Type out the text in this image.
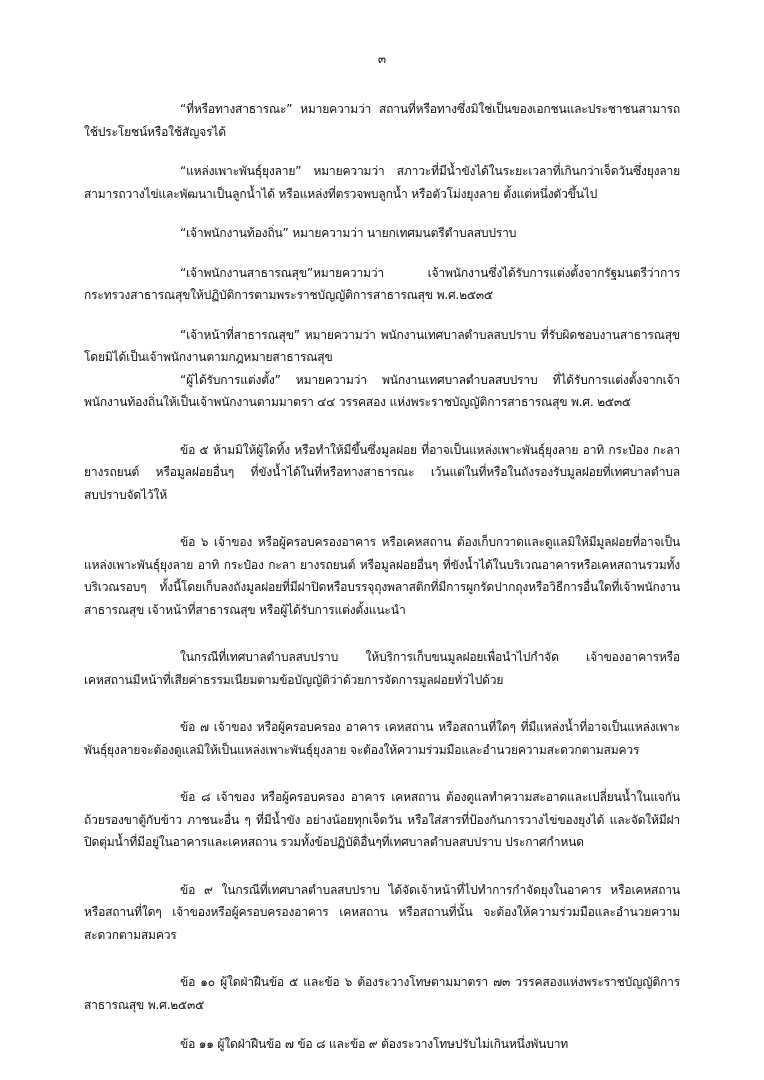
๓

“ที่หรือทางสาธารณะ” หมายความว่า สถานที่หรือทางซึ่งมิใช่เป็นของเอกชนและประชาชนสามารถใช้ประโยชน์หรือใช้สัญจรได้

“แหล่งเพาะพันธุ์ยุงลาย” หมายความว่า สภาวะที่มีน้ำขังได้ในระยะเวลาที่เกินกว่าเจ็ดวันซึ่งยุงลายสามารถวางไข่และพัฒนาเป็นลูกน้ำได้ หรือแหล่งที่ตรวจพบลูกน้ำ หรือตัวโม่งยุงลาย ตั้งแต่หนึ่งตัวขึ้นไป

“เจ้าพนักงานท้องถิ่น” หมายความว่า นายกเทศมนตรีตำบลสบปราบ

“เจ้าพนักงานสาธารณสุข”หมายความว่า เจ้าพนักงานซึ่งได้รับการแต่งตั้งจากรัฐมนตรีว่าการกระทรวงสาธารณสุขให้ปฏิบัติการตามพระราชบัญญัติการสาธารณสุข พ.ศ.๒๕๓๕

“เจ้าหน้าที่สาธารณสุข” หมายความว่า พนักงานเทศบาลตำบลสบปราบ ที่รับผิดชอบงานสาธารณสุข โดยมิได้เป็นเจ้าพนักงานตามกฎหมายสาธารณสุข

“ผู้ได้รับการแต่งตั้ง” หมายความว่า พนักงานเทศบาลตำบลสบปราบ ที่ได้รับการแต่งตั้งจากเจ้าพนักงานท้องถิ่นให้เป็นเจ้าพนักงานตามมาตรา ๔๔ วรรคสอง แห่งพระราชบัญญัติการสาธารณสุข พ.ศ. ๒๕๓๕

ข้อ ๕ ห้ามมิให้ผู้ใดทิ้ง หรือทำให้มีขึ้นซึ่งมูลฝอย ที่อาจเป็นแหล่งเพาะพันธุ์ยุงลาย อาทิ กระป๋อง กะลา ยางรถยนต์ หรือมูลฝอยอื่นๆ ที่ขังน้ำได้ในที่หรือทางสาธารณะ เว้นแต่ในที่หรือในถังรองรับมูลฝอยที่เทศบาลตำบลสบปราบจัดไว้ให้

ข้อ ๖ เจ้าของ หรือผู้ครอบครองอาคาร หรือเคหสถาน ต้องเก็บกวาดและดูแลมิให้มีมูลฝอยที่อาจเป็นแหล่งเพาะพันธุ์ยุงลาย อาทิ กระป๋อง กะลา ยางรถยนต์ หรือมูลฝอยอื่นๆ ที่ขังน้ำได้ในบริเวณอาคารหรือเคหสถานรวมทั้งบริเวณรอบๆ ทั้งนี้โดยเก็บลงถังมูลฝอยที่มีฝาปิดหรือบรรจุถุงพลาสติกที่มีการผูกรัดปากถุงหรือวิธีการอื่นใดที่เจ้าพนักงานสาธารณสุข เจ้าหน้าที่สาธารณสุข หรือผู้ได้รับการแต่งตั้งแนะนำ

ในกรณีที่เทศบาลตำบลสบปราบ ให้บริการเก็บขนมูลฝอยเพื่อนำไปกำจัด เจ้าของอาคารหรือเคหสถานมีหน้าที่เสียค่าธรรมเนียมตามข้อบัญญัติว่าด้วยการจัดการมูลฝอยทั่วไปด้วย

ข้อ ๗ เจ้าของ หรือผู้ครอบครอง อาคาร เคหสถาน หรือสถานที่ใดๆ ที่มีแหล่งน้ำที่อาจเป็นแหล่งเพาะพันธุ์ยุงลายจะต้องดูแลมิให้เป็นแหล่งเพาะพันธุ์ยุงลาย จะต้องให้ความร่วมมือและอำนวยความสะดวกตามสมควร

ข้อ ๘ เจ้าของ หรือผู้ครอบครอง อาคาร เคหสถาน ต้องดูแลทำความสะอาดและเปลี่ยนน้ำในแจกันถ้วยรองขาตู้กับข้าว ภาชนะอื่น ๆ ที่มีน้ำขัง อย่างน้อยทุกเจ็ดวัน หรือใส่สารที่ป้องกันการวางไข่ของยุงได้ และจัดให้มีฝาปิดตุ่มน้ำที่มีอยู่ในอาคารและเคหสถาน รวมทั้งข้อปฏิบัติอื่นๆที่เทศบาลตำบลสบปราบ ประกาศกำหนด

ข้อ ๙ ในกรณีที่เทศบาลตำบลสบปราบ ได้จัดเจ้าหน้าที่ไปทำการกำจัดยุงในอาคาร หรือเคหสถาน หรือสถานที่ใดๆ เจ้าของหรือผู้ครอบครองอาคาร เคหสถาน หรือสถานที่นั้น จะต้องให้ความร่วมมือและอำนวยความสะดวกตามสมควร

ข้อ ๑๐ ผู้ใดฝ่าฝืนข้อ ๕ และข้อ ๖ ต้องระวางโทษตามมาตรา ๗๓ วรรคสองแห่งพระราชบัญญัติการสาธารณสุข พ.ศ.๒๕๓๕

ข้อ ๑๑ ผู้ใดฝ่าฝืนข้อ ๗ ข้อ ๘ และข้อ ๙ ต้องระวางโทษปรับไม่เกินหนึ่งพันบาท
